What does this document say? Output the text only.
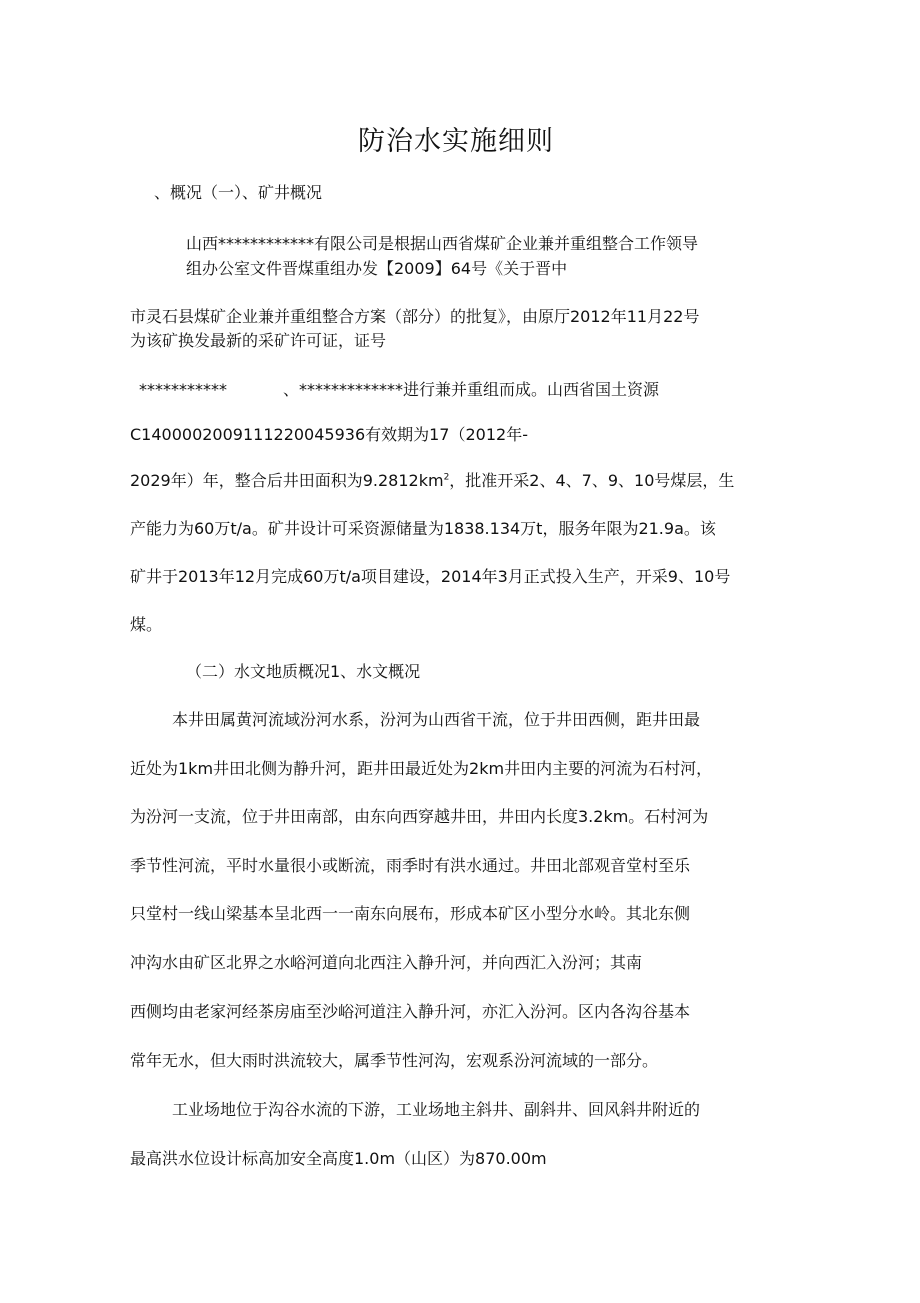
防治水实施细则
、概况（一）、矿井概况
山西************有限公司是根据山西省煤矿企业兼并重组整合工作领导
组办公室文件晋煤重组办发【2009】64号《关于晋中
市灵石县煤矿企业兼并重组整合方案（部分）的批复》，由原厅2012年11月22号
为该矿换发最新的采矿许可证，证号
***********	、*************进行兼并重组而成。山西省国土资源
C1400002009111220045936有效期为17（2012年-
2029年）年，整合后井田面积为$9.2812km^2$，批准开采2、4、7、9、10号煤层，生
产能力为60万t/a。矿井设计可采资源储量为1838.134万t，服务年限为21.9a。该
矿井于2013年12月完成60万t/a项目建设，2014年3月正式投入生产，开采9、10号
煤。
（二）水文地质概况1、水文概况
本井田属黄河流域汾河水系，汾河为山西省干流，位于井田西侧，距井田最
近处为1km井田北侧为静升河，距井田最近处为2km井田内主要的河流为石村河，
为汾河一支流，位于井田南部，由东向西穿越井田，井田内长度3.2km。石村河为
季节性河流，平时水量很小或断流，雨季时有洪水通过。井田北部观音堂村至乐
只堂村一线山梁基本呈北西一一南东向展布，形成本矿区小型分水岭。其北东侧
冲沟水由矿区北界之水峪河道向北西注入静升河，并向西汇入汾河；其南
西侧均由老家河经茶房庙至沙峪河道注入静升河，亦汇入汾河。区内各沟谷基本
常年无水，但大雨时洪流较大，属季节性河沟，宏观系汾河流域的一部分。
工业场地位于沟谷水流的下游，工业场地主斜井、副斜井、回风斜井附近的
最高洪水位设计标高加安全高度1.0m（山区）为870.00m
